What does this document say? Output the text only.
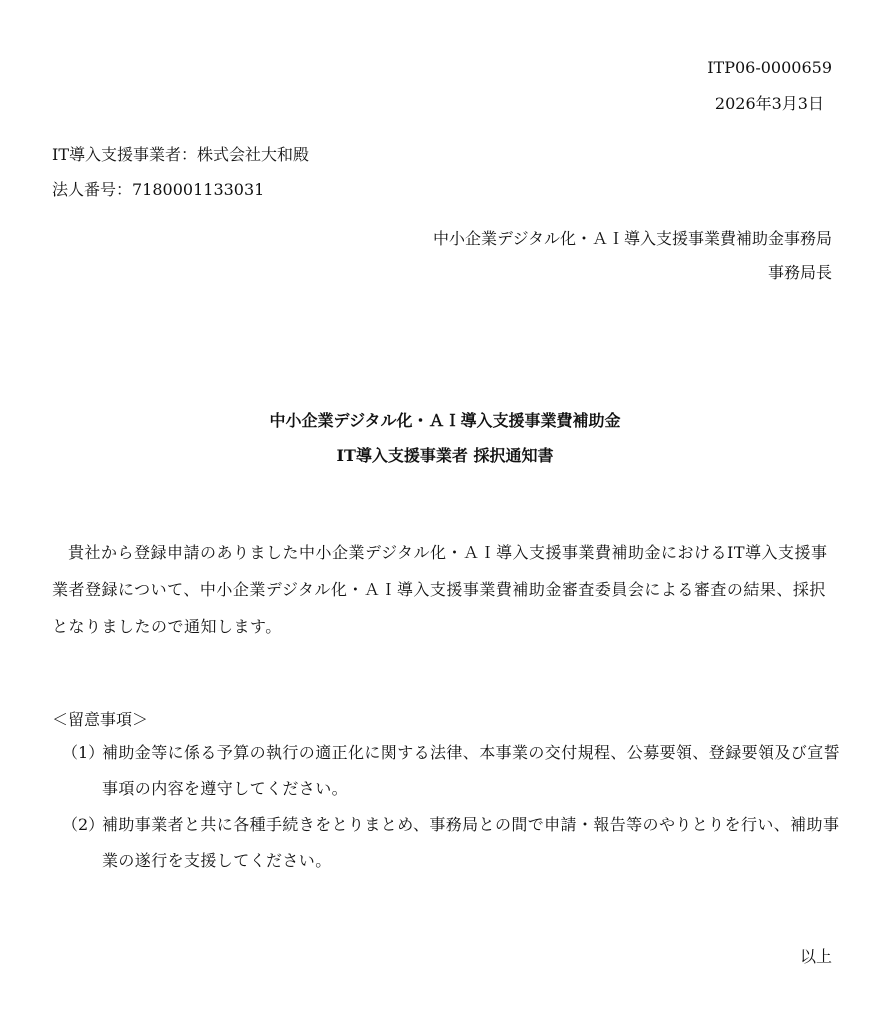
ITP06-0000659
2026年3月3日
IT導入支援事業者：株式会社大和殿
法人番号：7180001133031
中小企業デジタル化・ＡＩ導入支援事業費補助金事務局
事務局長
中小企業デジタル化・ＡＩ導入支援事業費補助金
IT導入支援事業者 採択通知書
貴社から登録申請のありました中小企業デジタル化・ＡＩ導入支援事業費補助金におけるIT導入支援事業者登録について、中小企業デジタル化・ＡＩ導入支援事業費補助金審査委員会による審査の結果、採択となりましたので通知します。
＜留意事項＞
（1）
補助金等に係る予算の執行の適正化に関する法律、本事業の交付規程、公募要領、登録要領及び宣誓事項の内容を遵守してください。
（2）
補助事業者と共に各種手続きをとりまとめ、事務局との間で申請・報告等のやりとりを行い、補助事業の遂行を支援してください。
以上
